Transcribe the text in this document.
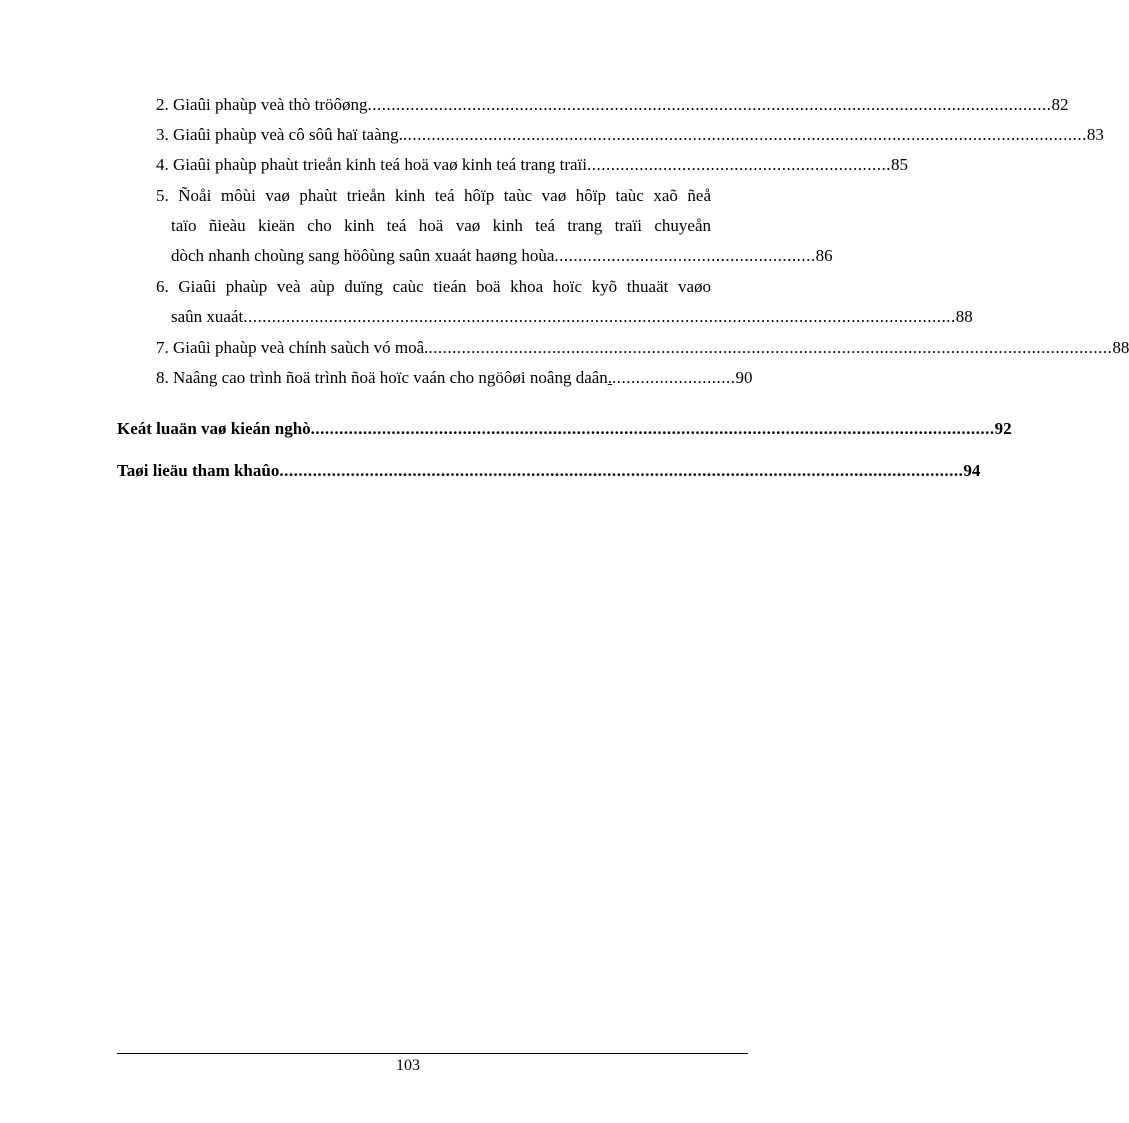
2. Giaûi phaùp veà thò tröôøng ................................................................................................................................................ 82
3. Giaûi phaùp veà cô sôû haï taàng. ................................................................................................................................................ 83
4. Giaûi phaùp phaùt trieån kinh teá hoä vaø kinh teá trang traïi ................................................................ 85
5. Ñoåi môùi vaø phaùt trieån kinh teá hôïp taùc vaø hôïp taùc xaõ ñeå
taïo ñieàu kieän cho kinh teá hoä vaø kinh teá trang traïi chuyeån
dòch nhanh choùng sang höôùng saûn xuaát haøng hoùa ....................................................... 86
6. Giaûi phaùp veà aùp duïng caùc tieán boä khoa hoïc kyõ thuaät vaøo
saûn xuaát ...................................................................................................................................................... 88
7. Giaûi phaùp veà chính saùch vó moâ. ................................................................................................................................................ 88
8. Naâng cao trình ñoä trình ñoä hoïc vaán cho ngöôøi noâng daân . .......................... 90
Keát luaän vaø kieán nghò ................................................................................................................................................ 92
Taøi lieäu tham khaûo ................................................................................................................................................ 94
103
